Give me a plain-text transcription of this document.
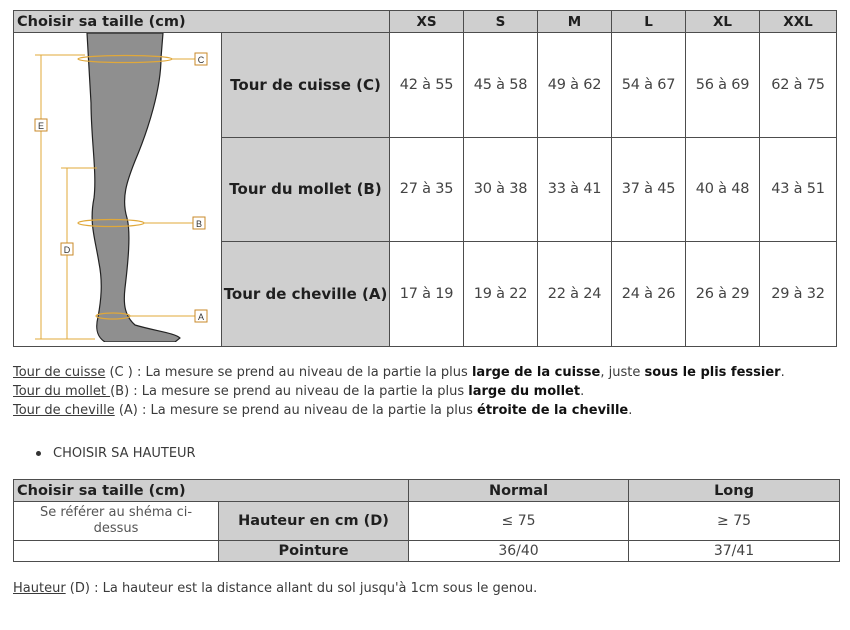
Choisir sa taille (cm)		XS	S	M	L	XL	XXL

C
B
A
E
D	Tour de cuisse (C)	42 à 55	45 à 58	49 à 62	54 à 67	56 à 69	62 à 75
	Tour du mollet (B)	27 à 35	30 à 38	33 à 41	37 à 45	40 à 48	43 à 51
	Tour de cheville (A)	17 à 19	19 à 22	22 à 24	24 à 26	26 à 29	29 à 32
Tour de cuisse (C ) : La mesure se prend au niveau de la partie la plus large de la cuisse, juste sous le plis fessier.
Tour du mollet (B) : La mesure se prend au niveau de la partie la plus large du mollet.
Tour de cheville (A) : La mesure se prend au niveau de la partie la plus étroite de la cheville.
CHOISIR SA HAUTEUR
Choisir sa taille (cm)		Normal	Long
Se référer au shéma ci-dessus	Hauteur en cm (D)	≤ 75	≥ 75
	Pointure	36/40	37/41
Hauteur (D) : La hauteur est la distance allant du sol jusqu'à 1cm sous le genou.
